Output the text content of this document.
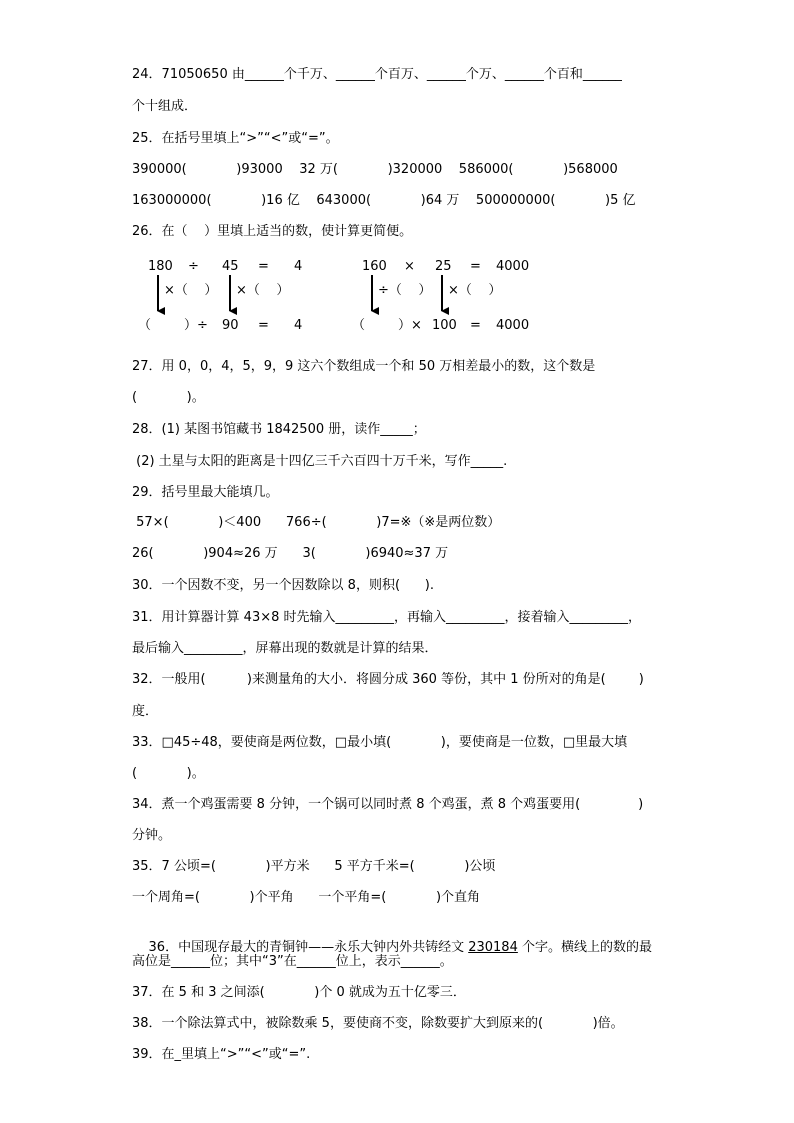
24．71050650 由______个千万、______个百万、______个万、______个百和______
个十组成．
25．在括号里填上“>”“<”或“=”。
390000(            )93000    32 万(            )320000    586000(            )568000
163000000(            )16 亿    643000(            )64 万    500000000(            )5 亿
26．在（    ）里填上适当的数，使计算更简便。
180 ÷ 45 = 4
×（    ） ×（    ）
（        ）÷ 90 = 4
160 × 25 = 4000
÷（    ） ×（    ）
（        ）× 100 = 4000
27．用 0，0，4，5，9，9 这六个数组成一个和 50 万相差最小的数，这个数是
(            )。
28．(1) 某图书馆藏书 1842500 册，读作_____；
(2) 土星与太阳的距离是十四亿三千六百四十万千米，写作_____.
29．括号里最大能填几。
57×(            )＜400      766÷(            )7=※（※是两位数）
26(            )904≈26 万      3(            )6940≈37 万
30．一个因数不变，另一个因数除以 8，则积(      ).
31．用计算器计算 43×8 时先输入_________，再输入_________，接着输入_________，
最后输入_________，屏幕出现的数就是计算的结果．
32．一般用(          )来测量角的大小．将圆分成 360 等份，其中 1 份所对的角是(        )
度．
33．□45÷48，要使商是两位数，□最小填(            )，要使商是一位数，□里最大填
(            )。
34．煮一个鸡蛋需要 8 分钟，一个锅可以同时煮 8 个鸡蛋，煮 8 个鸡蛋要用(              )
分钟。
35．7 公顷=(            )平方米      5 平方千米=(            )公顷
一个周角=(            )个平角      一个平角=(            )个直角

36．中国现存最大的青铜钟——永乐大钟内外共铸经文 230184 个字。横线上的数的最

高位是______位；其中“3”在______位上，表示______。
37．在 5 和 3 之间添(            )个 0 就成为五十亿零三．
38．一个除法算式中，被除数乘 5，要使商不变，除数要扩大到原来的(            )倍。
39．在_里填上“>”“<”或“=”.
